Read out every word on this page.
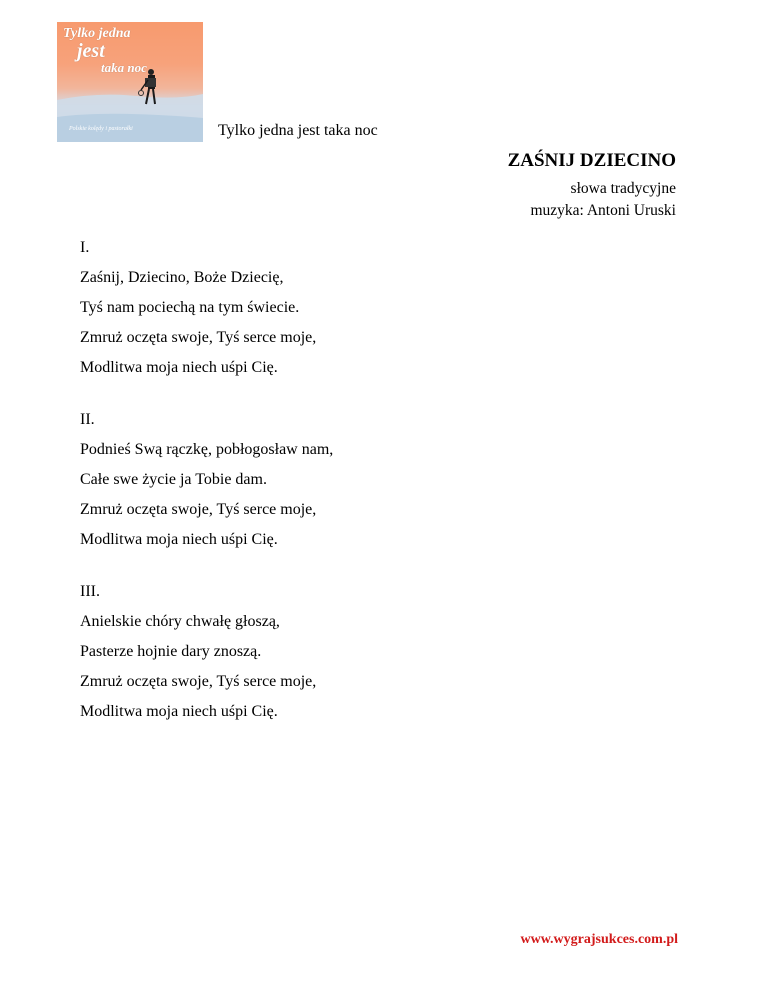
Tylko jedna
jest
taka noc
Polskie kolędy i pastorałki	Tylko jedna jest taka noc
ZAŚNIJ DZIECINO
słowa tradycyjne
muzyka: Antoni Uruski
I.
Zaśnij, Dziecino, Boże Dziecię,
Tyś nam pociechą na tym świecie.
Zmruż oczęta swoje, Tyś serce moje,
Modlitwa moja niech uśpi Cię.
II.
Podnieś Swą rączkę, pobłogosław nam,
Całe swe życie ja Tobie dam.
Zmruż oczęta swoje, Tyś serce moje,
Modlitwa moja niech uśpi Cię.
III.
Anielskie chóry chwałę głoszą,
Pasterze hojnie dary znoszą.
Zmruż oczęta swoje, Tyś serce moje,
Modlitwa moja niech uśpi Cię.
www.wygrajsukces.com.pl
